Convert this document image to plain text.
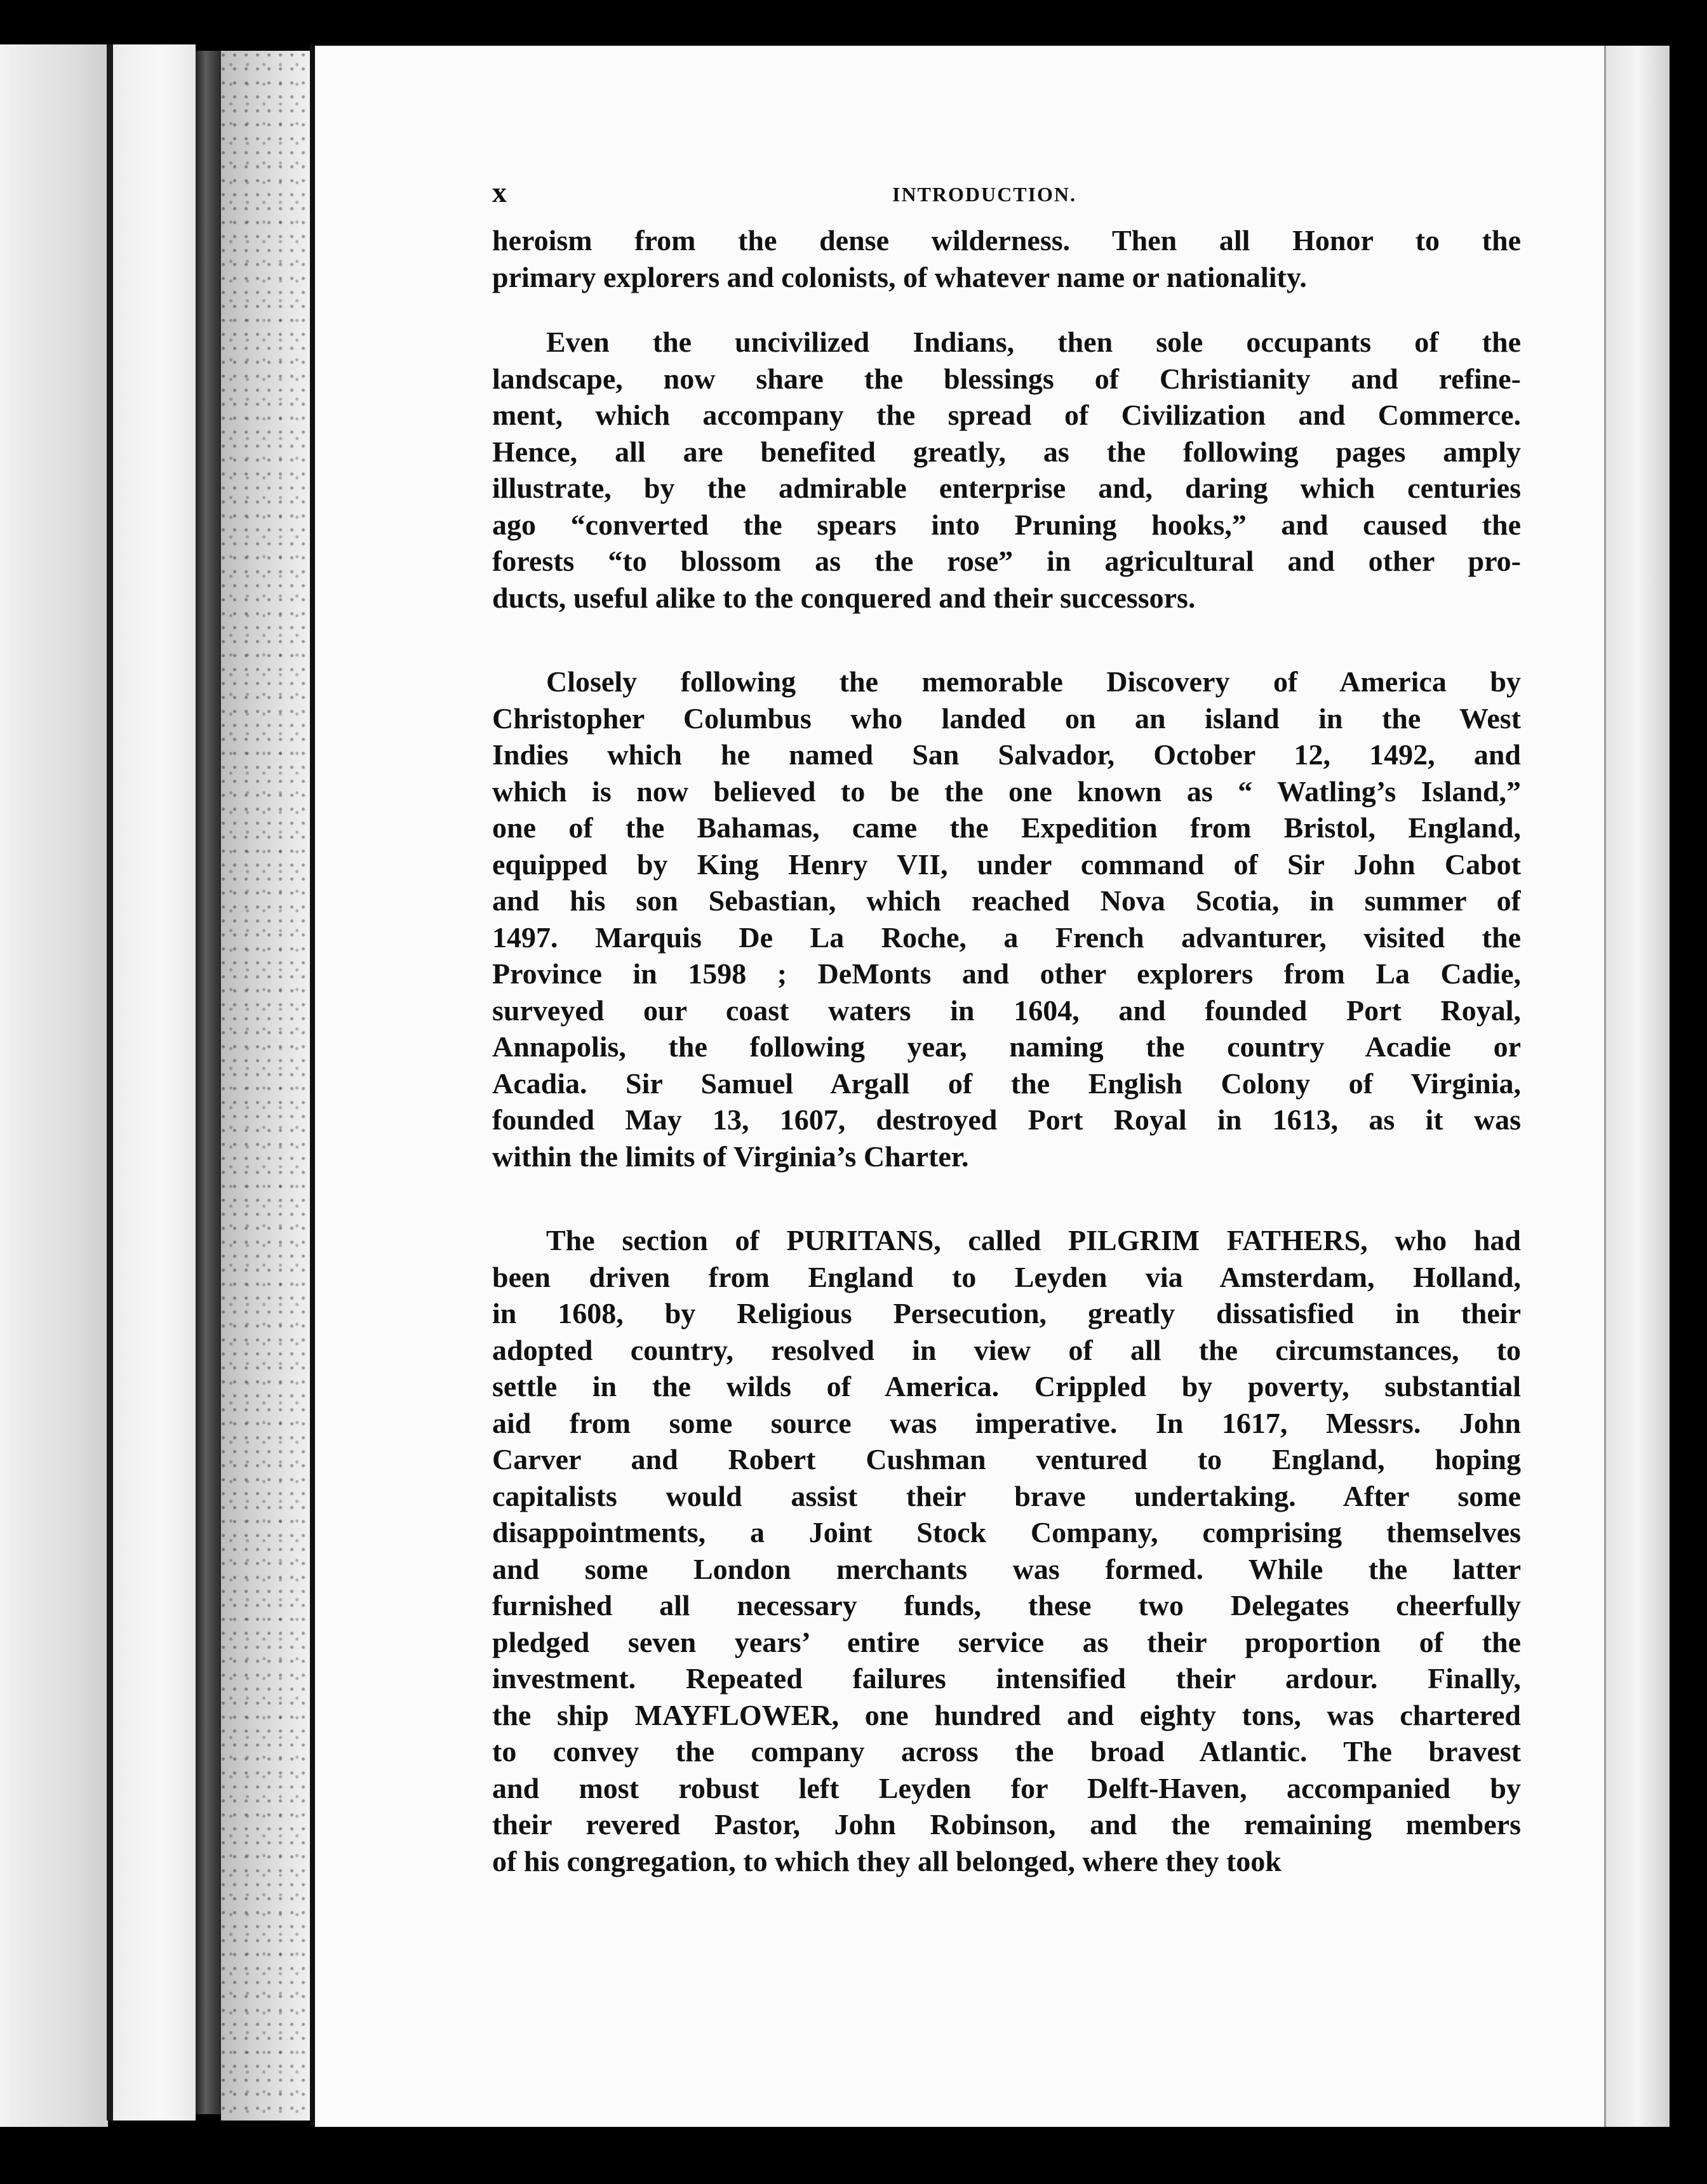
x	INTRODUCTION.

heroism from the dense wilderness. Then all Honor to the
primary explorers and colonists, of whatever name or nationality.

Even the uncivilized Indians, then sole occupants of the
landscape, now share the blessings of Christianity and refine-
ment, which accompany the spread of Civilization and Commerce.
Hence, all are benefited greatly, as the following pages amply
illustrate, by the admirable enterprise and, daring which centuries
ago “converted the spears into Pruning hooks,” and caused the
forests “to blossom as the rose” in agricultural and other pro-
ducts, useful alike to the conquered and their successors.

Closely following the memorable Discovery of America by
Christopher Columbus who landed on an island in the West
Indies which he named San Salvador, October 12, 1492, and
which is now believed to be the one known as “ Watling’s Island,”
one of the Bahamas, came the Expedition from Bristol, England,
equipped by King Henry VII, under command of Sir John Cabot
and his son Sebastian, which reached Nova Scotia, in summer of
1497. Marquis De La Roche, a French advanturer, visited the
Province in 1598 ; DeMonts and other explorers from La Cadie,
surveyed our coast waters in 1604, and founded Port Royal,
Annapolis, the following year, naming the country Acadie or
Acadia. Sir Samuel Argall of the English Colony of Virginia,
founded May 13, 1607, destroyed Port Royal in 1613, as it was
within the limits of Virginia’s Charter.

The section of PURITANS, called PILGRIM FATHERS, who had
been driven from England to Leyden via Amsterdam, Holland,
in 1608, by Religious Persecution, greatly dissatisfied in their
adopted country, resolved in view of all the circumstances, to
settle in the wilds of America. Crippled by poverty, substantial
aid from some source was imperative. In 1617, Messrs. John
Carver and Robert Cushman ventured to England, hoping
capitalists would assist their brave undertaking. After some
disappointments, a Joint Stock Company, comprising themselves
and some London merchants was formed. While the latter
furnished all necessary funds, these two Delegates cheerfully
pledged seven years’ entire service as their proportion of the
investment. Repeated failures intensified their ardour. Finally,
the ship MAYFLOWER, one hundred and eighty tons, was chartered
to convey the company across the broad Atlantic. The bravest
and most robust left Leyden for Delft-Haven, accompanied by
their revered Pastor, John Robinson, and the remaining members
of his congregation, to which they all belonged, where they took
